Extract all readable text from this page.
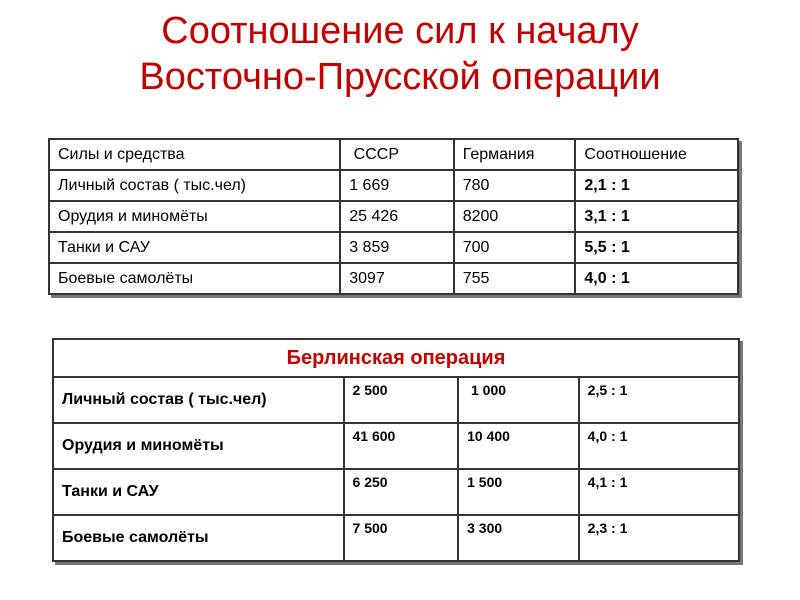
Соотношение сил к началу
Восточно-Прусской операции
Силы и средства	СССР	Германия	Соотношение
Личный состав ( тыс.чел)	1 669	780	2,1 : 1
Орудия и миномёты	25 426	8200	3,1 : 1
Танки и САУ	3 859	700	5,5 : 1
Боевые самолёты	3097	755	4,0 : 1
Берлинская операция			
Личный состав ( тыс.чел)	2 500	1 000	2,5 : 1
Орудия и миномёты	41 600	10 400	4,0 : 1
Танки и САУ	6 250	1 500	4,1 : 1
Боевые самолёты	7 500	3 300	2,3 : 1
